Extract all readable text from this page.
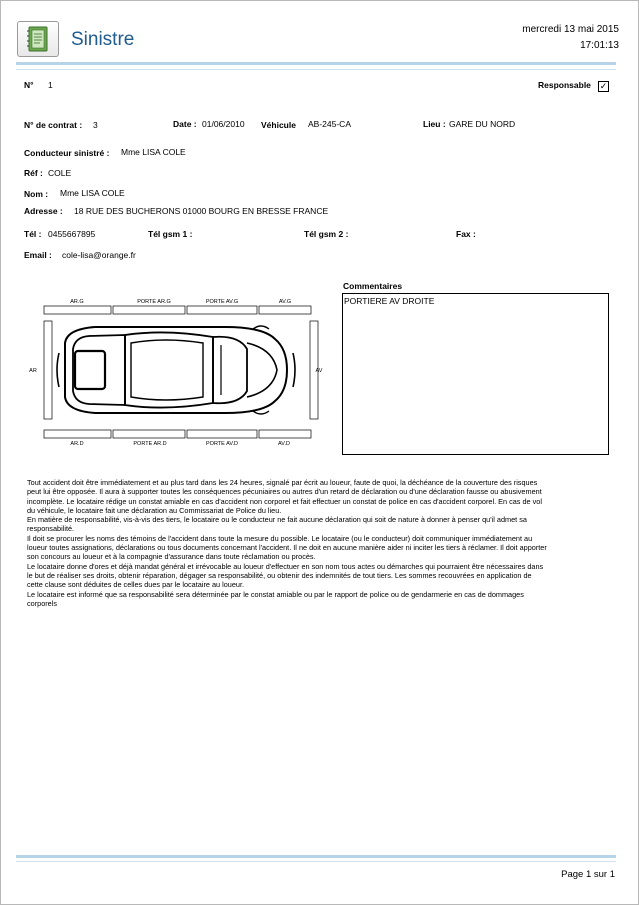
Sinistre	mercredi 13 mai 2015
17:01:13
N° 1	Responsable ✓
N° de contrat : 3	Date : 01/06/2010 Véhicule AB-245-CA	Lieu : GARE DU NORD
Conducteur sinistré : Mme LISA COLE
Réf : COLE
Nom : Mme LISA COLE
Adresse : 18 RUE DES BUCHERONS 01000 BOURG EN BRESSE FRANCE
Tél : 0455667895	Tél gsm 1 :	Tél gsm 2 :	Fax :
Email : cole-lisa@orange.fr
Commentaires
PORTIERE AV DROITE
AR.G	PORTE AR.G	PORTE AV.G	AV.G
AR	AV
AR.D	PORTE AR.D	PORTE AV.D	AV.D

Tout accident doit être immédiatement et au plus tard dans les 24 heures, signalé par écrit au loueur, faute de quoi, la déchéance de la couverture des risques peut lui être opposée. Il aura à supporter toutes les conséquences pécuniaires ou autres d'un retard de déclaration ou d'une déclaration fausse ou abusivement incomplète. Le locataire rédige un constat amiable en cas d'accident non corporel et fait effectuer un constat de police en cas d'accident corporel. En cas de vol du véhicule, le locataire fait une déclaration au Commissariat de Police du lieu.

En matière de responsabilité, vis-à-vis des tiers, le locataire ou le conducteur ne fait aucune déclaration qui soit de nature à donner à penser qu'il admet sa responsabilité.

Il doit se procurer les noms des témoins de l'accident dans toute la mesure du possible. Le locataire (ou le conducteur) doit communiquer immédiatement au loueur toutes assignations, déclarations ou tous documents concernant l'accident. Il ne doit en aucune manière aider ni inciter les tiers à réclamer. Il doit apporter son concours au loueur et à la compagnie d'assurance dans toute réclamation ou procès.

Le locataire donne d'ores et déjà mandat général et irrévocable au loueur d'effectuer en son nom tous actes ou démarches qui pourraient être nécessaires dans le but de réaliser ses droits, obtenir réparation, dégager sa responsabilité, ou obtenir des indemnités de tout tiers. Les sommes recouvrées en application de cette clause sont déduites de celles dues par le locataire au loueur.

Le locataire est informé que sa responsabilité sera déterminée par le constat amiable ou par le rapport de police ou de gendarmerie en cas de dommages corporels

Page 1 sur 1
